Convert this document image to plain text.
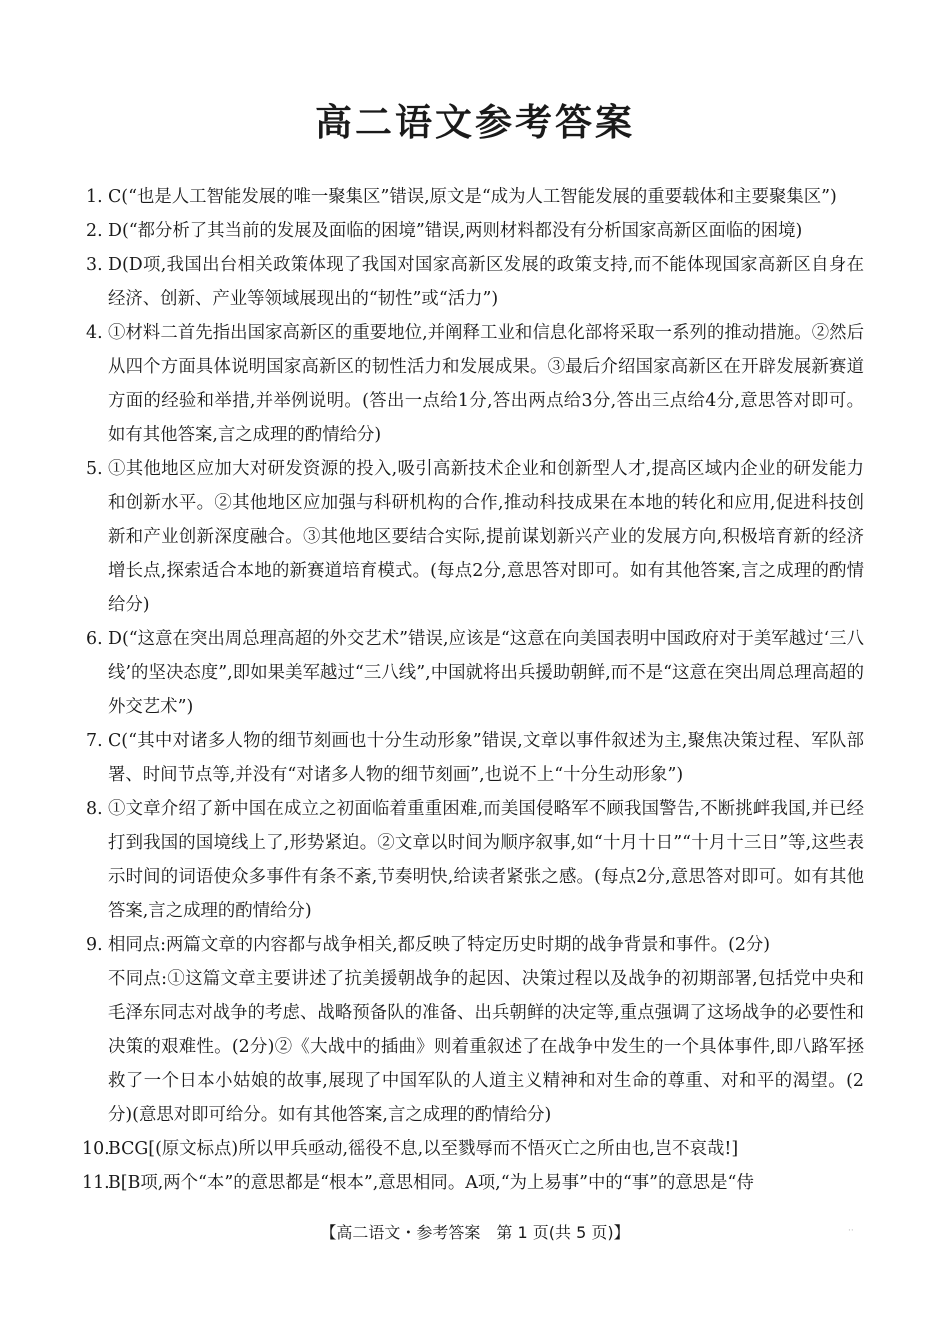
高二语文参考答案
1. C(“也是人工智能发展的唯一聚集区”错误,原文是“成为人工智能发展的重要载体和主要聚集区”)
2. D(“都分析了其当前的发展及面临的困境”错误,两则材料都没有分析国家高新区面临的困境)
3. D(D项,我国出台相关政策体现了我国对国家高新区发展的政策支持,而不能体现国家高新区自身在经济、创新、产业等领域展现出的“韧性”或“活力”)
4. ①材料二首先指出国家高新区的重要地位,并阐释工业和信息化部将采取一系列的推动措施。②然后从四个方面具体说明国家高新区的韧性活力和发展成果。③最后介绍国家高新区在开辟发展新赛道方面的经验和举措,并举例说明。(答出一点给1分,答出两点给3分,答出三点给4分,意思答对即可。如有其他答案,言之成理的酌情给分)
5. ①其他地区应加大对研发资源的投入,吸引高新技术企业和创新型人才,提高区域内企业的研发能力和创新水平。②其他地区应加强与科研机构的合作,推动科技成果在本地的转化和应用,促进科技创新和产业创新深度融合。③其他地区要结合实际,提前谋划新兴产业的发展方向,积极培育新的经济增长点,探索适合本地的新赛道培育模式。(每点2分,意思答对即可。如有其他答案,言之成理的酌情给分)
6. D(“这意在突出周总理高超的外交艺术”错误,应该是“这意在向美国表明中国政府对于美军越过‘三八线’的坚决态度”,即如果美军越过“三八线”,中国就将出兵援助朝鲜,而不是“这意在突出周总理高超的外交艺术”)
7. C(“其中对诸多人物的细节刻画也十分生动形象”错误,文章以事件叙述为主,聚焦决策过程、军队部署、时间节点等,并没有“对诸多人物的细节刻画”,也说不上“十分生动形象”)
8. ①文章介绍了新中国在成立之初面临着重重困难,而美国侵略军不顾我国警告,不断挑衅我国,并已经打到我国的国境线上了,形势紧迫。②文章以时间为顺序叙事,如“十月十日”“十月十三日”等,这些表示时间的词语使众多事件有条不紊,节奏明快,给读者紧张之感。(每点2分,意思答对即可。如有其他答案,言之成理的酌情给分)
9. 相同点:两篇文章的内容都与战争相关,都反映了特定历史时期的战争背景和事件。(2分)
不同点:①这篇文章主要讲述了抗美援朝战争的起因、决策过程以及战争的初期部署,包括党中央和毛泽东同志对战争的考虑、战略预备队的准备、出兵朝鲜的决定等,重点强调了这场战争的必要性和决策的艰难性。(2分)②《大战中的插曲》则着重叙述了在战争中发生的一个具体事件,即八路军拯救了一个日本小姑娘的故事,展现了中国军队的人道主义精神和对生命的尊重、对和平的渴望。(2分)(意思对即可给分。如有其他答案,言之成理的酌情给分)
10.
BCG[(原文标点)所以甲兵亟动,徭役不息,以至戮辱而不悟灭亡之所由也,岂不哀哉!]
11.
B[B项,两个“本”的意思都是“根本”,意思相同。A项,“为上易事”中的“事”的意思是“侍
【高二语文・参考答案　第 1 页(共 5 页)】	··
